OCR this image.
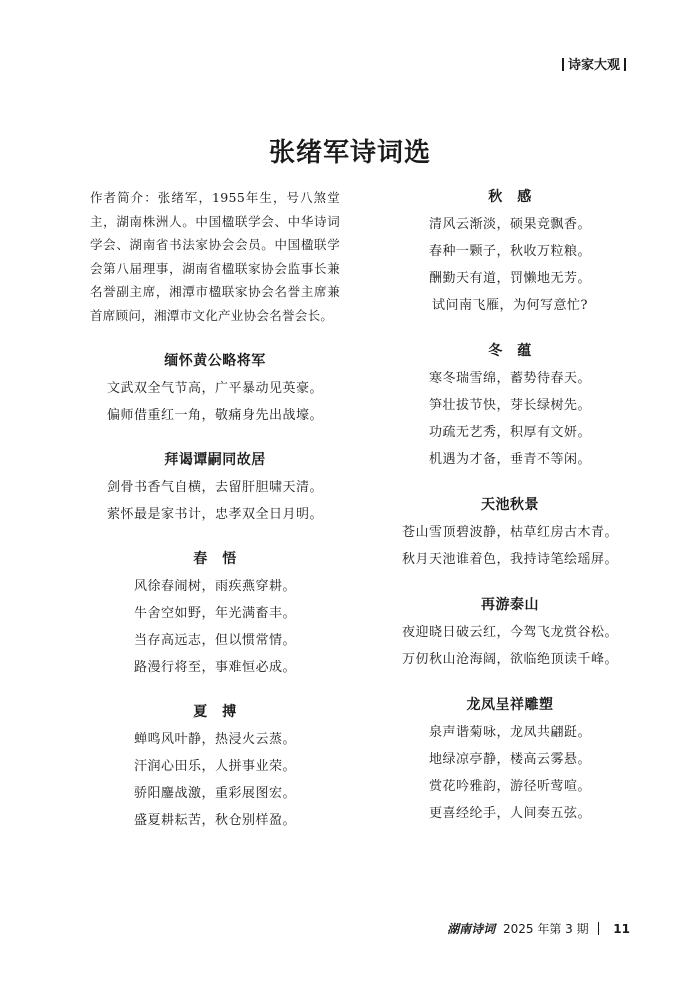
诗家大观
张绪军诗词选
作者简介：张绪军，1955年生，号八煞堂主，湖南株洲人。中国楹联学会、中华诗词学会、湖南省书法家协会会员。中国楹联学会第八届理事，湖南省楹联家协会监事长兼名誉副主席，湘潭市楹联家协会名誉主席兼首席顾问，湘潭市文化产业协会名誉会长。
缅怀黄公略将军
文武双全气节高，广平暴动见英豪。
偏师借重红一角，敬痛身先出战壕。
拜谒谭嗣同故居
剑骨书香气自横，去留肝胆啸天清。
萦怀最是家书计，忠孝双全日月明。
春　悟
风徐春闹树，雨疾燕穿耕。
牛舍空如野，年光满畜丰。
当存高远志，但以惯常情。
路漫行将至，事难恒必成。
夏　搏
蝉鸣风叶静，热浸火云蒸。
汗润心田乐，人拼事业荣。
骄阳鏖战激，重彩展图宏。
盛夏耕耘苦，秋仓别样盈。
秋　感
清风云渐淡，硕果竞飘香。
春种一颗子，秋收万粒粮。
酬勤天有道，罚懒地无芳。
试问南飞雁，为何写意忙?
冬　蕴
寒冬瑞雪绵，蓄势待春天。
笋壮拔节快，芽长绿树先。
功疏无艺秀，积厚有文妍。
机遇为才备，垂青不等闲。
天池秋景
苍山雪顶碧波静，枯草红房古木青。
秋月天池谁着色，我持诗笔绘瑶屏。
再游泰山
夜迎晓日破云红，今驾飞龙赏谷松。
万仞秋山沧海阔，欲临绝顶读千峰。
龙凤呈祥雕塑
泉声谐菊咏，龙凤共翩跹。
地绿凉亭静，楼高云雾悬。
赏花吟雅韵，游径听莺喧。
更喜经纶手，人间奏五弦。
湖南诗词 2025 年第 3 期 11
